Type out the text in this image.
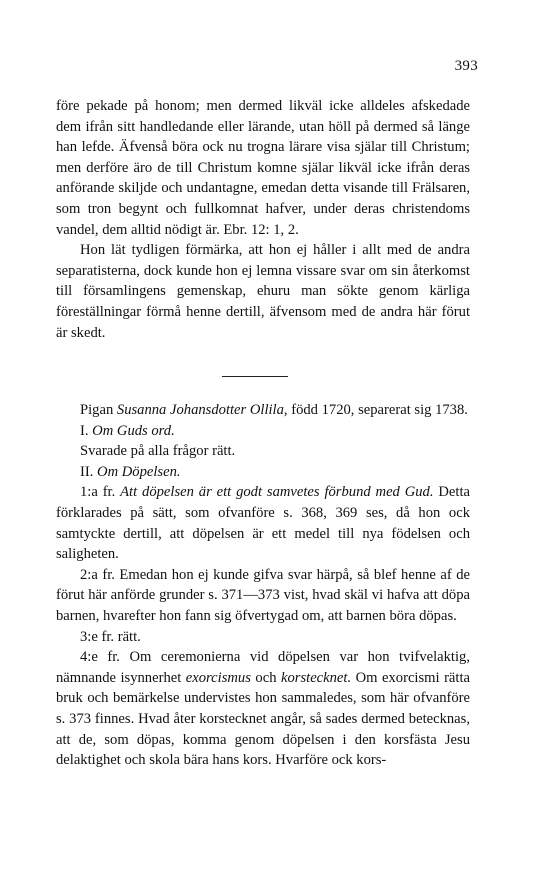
393

före pekade på honom; men dermed likväl icke alldeles afskedade dem ifrån sitt handledande eller lärande, utan höll på dermed så länge han lefde. Äfvenså böra ock nu trogna lärare visa själar till Christum; men derföre äro de till Christum komne själar likväl icke ifrån deras anförande skiljde och undantagne, emedan detta visande till Frälsaren, som tron begynt och fullkomnat hafver, under deras christendoms vandel, dem alltid nödigt är. Ebr. 12: 1, 2.

Hon lät tydligen förmärka, att hon ej håller i allt med de andra separatisterna, dock kunde hon ej lemna vissare svar om sin återkomst till församlingens gemenskap, ehuru man sökte genom kärliga föreställningar förmå henne dertill, äfvensom med de andra här förut är skedt.

Pigan Susanna Johansdotter Ollila, född 1720, separerat sig 1738.

I. Om Guds ord.

Svarade på alla frågor rätt.

II. Om Döpelsen.

1:a fr. Att döpelsen är ett godt samvetes förbund med Gud. Detta förklarades på sätt, som ofvanföre s. 368, 369 ses, då hon ock samtyckte dertill, att döpelsen är ett medel till nya födelsen och saligheten.

2:a fr. Emedan hon ej kunde gifva svar härpå, så blef henne af de förut här anförde grunder s. 371—373 vist, hvad skäl vi hafva att döpa barnen, hvarefter hon fann sig öfvertygad om, att barnen böra döpas.

3:e fr. rätt.

4:e fr. Om ceremonierna vid döpelsen var hon tvifvelaktig, nämnande isynnerhet exorcismus och korstecknet. Om exorcismi rätta bruk och bemärkelse undervistes hon sammaledes, som här ofvanföre s. 373 finnes. Hvad åter korstecknet angår, så sades dermed betecknas, att de, som döpas, komma genom döpelsen i den korsfästa Jesu delaktighet och skola bära hans kors. Hvarföre ock kors-
